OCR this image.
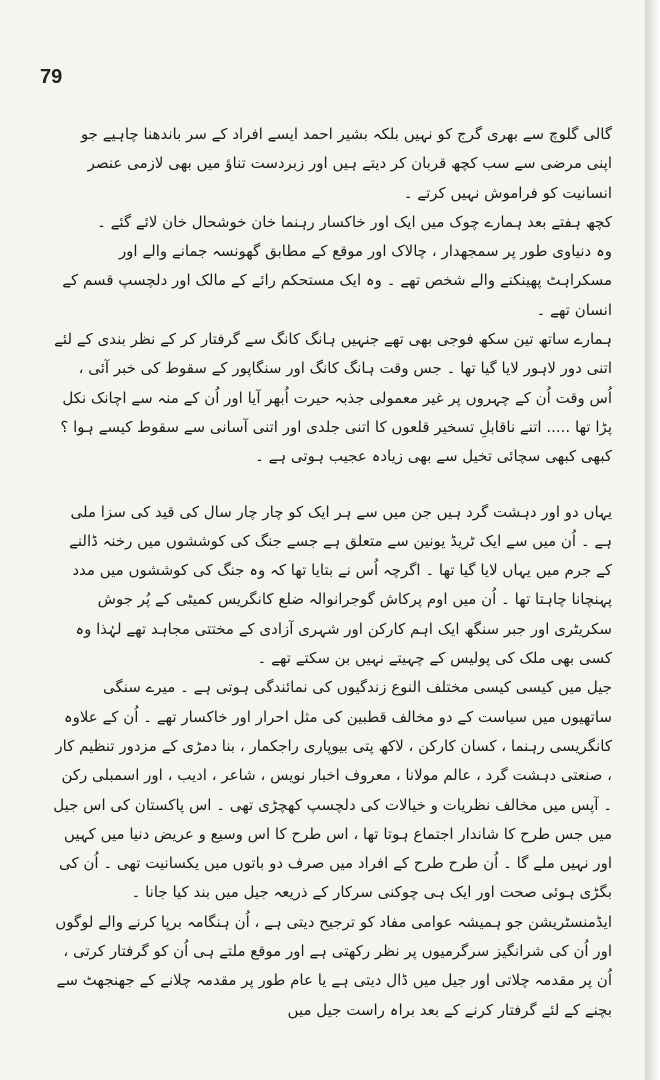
79

گالی گلوچ سے بھری گرج کو نہیں بلکہ بشیر احمد ایسے افراد کے سر باندھنا چاہیے جو اپنی مرضی سے سب کچھ قربان کر دیتے ہیں اور زبردست تناؤ میں بھی لازمی عنصر انسانیت کو فراموش نہیں کرتے ۔

کچھ ہفتے بعد ہمارے چوک میں ایک اور خاکسار رہنما خان خوشحال خان لائے گئے ۔

وہ دنیاوی طور پر سمجھدار ، چالاک اور موقع کے مطابق گھونسہ جمانے والے اور مسکراہٹ پھینکنے والے شخص تھے ۔ وہ ایک مستحکم رائے کے مالک اور دلچسپ قسم کے انسان تھے ۔

ہمارے ساتھ تین سکھ فوجی بھی تھے جنہیں ہانگ کانگ سے گرفتار کر کے نظر بندی کے لئے اتنی دور لاہور لایا گیا تھا ۔ جس وقت ہانگ کانگ اور سنگاپور کے سقوط کی خبر آئی ، اُس وقت اُن کے چہروں پر غیر معمولی جذبہ حیرت اُبھر آیا اور اُن کے منہ سے اچانک نکل پڑا تھا ..... اتنے ناقابلِ تسخیر قلعوں کا اتنی جلدی اور اتنی آسانی سے سقوط کیسے ہوا ؟ کبھی کبھی سچائی تخیل سے بھی زیادہ عجیب ہوتی ہے ۔

یہاں دو اور دہشت گرد ہیں جن میں سے ہر ایک کو چار چار سال کی قید کی سزا ملی ہے ۔ اُن میں سے ایک ٹریڈ یونین سے متعلق ہے جسے جنگ کی کوششوں میں رخنہ ڈالنے کے جرم میں یہاں لایا گیا تھا ۔ اگرچہ اُس نے بتایا تھا کہ وہ جنگ کی کوششوں میں مدد پہنچانا چاہتا تھا ۔ اُن میں اوم پرکاش گوجرانوالہ ضلع کانگریس کمیٹی کے پُر جوش سکریٹری اور جبر سنگھ ایک اہم کارکن اور شہری آزادی کے مختتی مجاہد تھے لہٰذا وہ کسی بھی ملک کی پولیس کے چہیتے نہیں بن سکتے تھے ۔

جیل میں کیسی کیسی مختلف النوع زندگیوں کی نمائندگی ہوتی ہے ۔ میرے سنگی ساتھیوں میں سیاست کے دو مخالف قطبین کی مثل احرار اور خاکسار تھے ۔ اُن کے علاوہ کانگریسی رہنما ، کسان کارکن ، لاکھ پتی بیوپاری راجکمار ، بنا دمڑی کے مزدور تنظیم کار ، صنعتی دہشت گرد ، عالم مولانا ، معروف اخبار نویس ، شاعر ، ادیب ، اور اسمبلی رکن ۔ آپس میں مخالف نظریات و خیالات کی دلچسپ کھچڑی تھی ۔ اس پاکستان کی اس جیل میں جس طرح کا شاندار اجتماع ہوتا تھا ، اس طرح کا اس وسیع و عریض دنیا میں کہیں اور نہیں ملے گا ۔ اُن طرح طرح کے افراد میں صرف دو باتوں میں یکسانیت تھی ۔ اُن کی بگڑی ہوئی صحت اور ایک ہی چوکنی سرکار کے ذریعہ جیل میں بند کیا جانا ۔ ایڈمنسٹریشن جو ہمیشہ عوامی مفاد کو ترجیح دیتی ہے ، اُن ہنگامہ برپا کرنے والے لوگوں اور اُن کی شرانگیز سرگرمیوں پر نظر رکھتی ہے اور موقع ملتے ہی اُن کو گرفتار کرتی ، اُن پر مقدمہ چلاتی اور جیل میں ڈال دیتی ہے یا عام طور پر مقدمہ چلانے کے جھنجھٹ سے بچنے کے لئے گرفتار کرنے کے بعد براہ راست جیل میں
